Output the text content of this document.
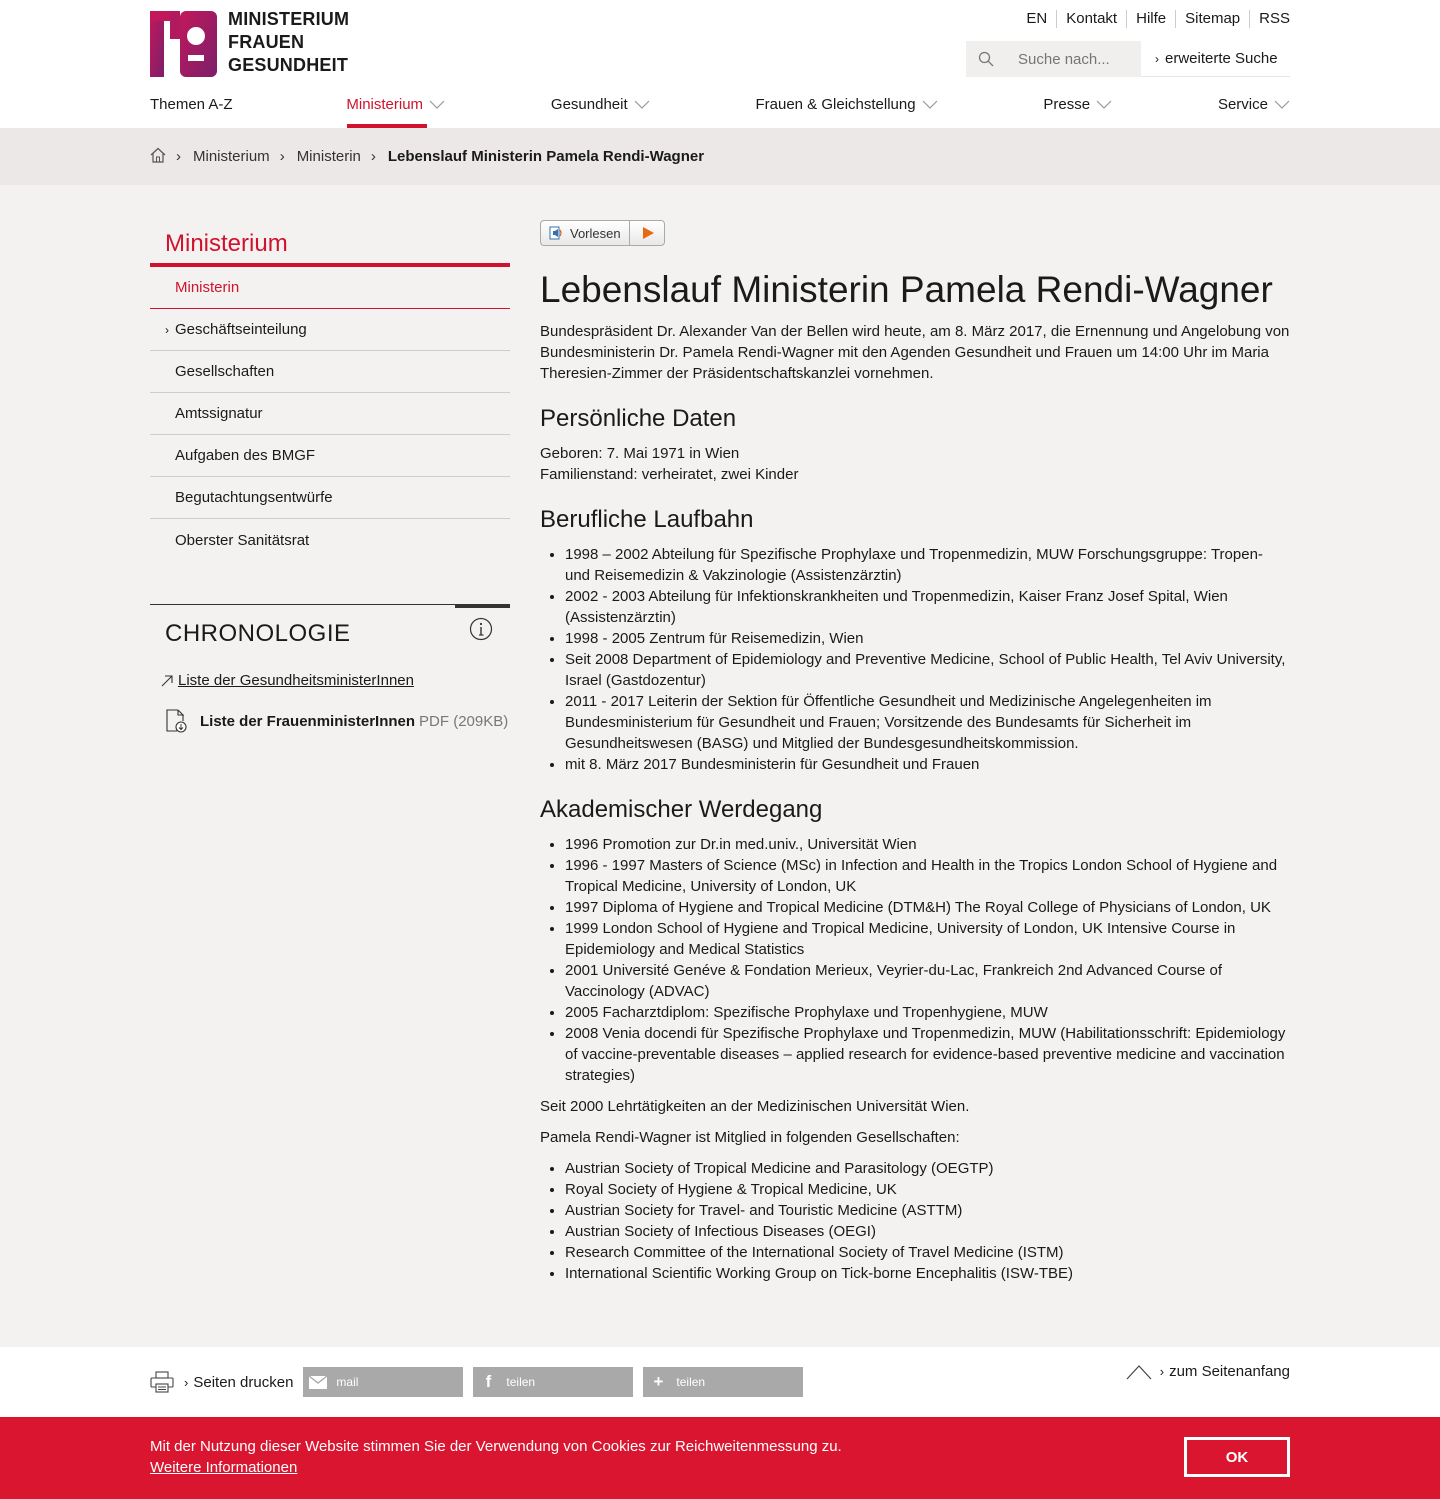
fg
MINISTERIUM
FRAUEN
GESUNDHEIT
EN	Kontakt	Hilfe	Sitemap	RSS
Suche nach...
› erweiterte Suche
Themen A-Z	Ministerium	Gesundheit	Frauen & Gleichstellung	Presse	Service
› Ministerium › Ministerin › Lebenslauf Ministerin Pamela Rendi-Wagner
Ministerium
Ministerin
› Geschäftseinteilung
Gesellschaften
Amtssignatur
Aufgaben des BMGF
Begutachtungsentwürfe
Oberster Sanitätsrat
CHRONOLOGIE
Liste der GesundheitsministerInnen
Liste der FrauenministerInnen PDF (209KB)
Vorlesen
Lebenslauf Ministerin Pamela Rendi-Wagner

Bundespräsident Dr. Alexander Van der Bellen wird heute, am 8. März 2017, die Ernennung und Angelobung von Bundesministerin Dr. Pamela Rendi-Wagner mit den Agenden Gesundheit und Frauen um 14:00 Uhr im Maria Theresien-Zimmer der Präsidentschaftskanzlei vornehmen.

Persönliche Daten

Geboren: 7. Mai 1971 in Wien
Familienstand: verheiratet, zwei Kinder

Berufliche Laufbahn
• 1998 – 2002 Abteilung für Spezifische Prophylaxe und Tropenmedizin, MUW Forschungsgruppe: Tropen- und Reisemedizin & Vakzinologie (Assistenzärztin)
• 2002 - 2003 Abteilung für Infektionskrankheiten und Tropenmedizin, Kaiser Franz Josef Spital, Wien (Assistenzärztin)
• 1998 - 2005 Zentrum für Reisemedizin, Wien
• Seit 2008 Department of Epidemiology and Preventive Medicine, School of Public Health, Tel Aviv University, Israel (Gastdozentur)
• 2011 - 2017 Leiterin der Sektion für Öffentliche Gesundheit und Medizinische Angelegenheiten im Bundesministerium für Gesundheit und Frauen; Vorsitzende des Bundesamts für Sicherheit im Gesundheitswesen (BASG) und Mitglied der Bundesgesundheitskommission.
• mit 8. März 2017 Bundesministerin für Gesundheit und Frauen
Akademischer Werdegang
• 1996 Promotion zur Dr.in med.univ., Universität Wien
• 1996 - 1997 Masters of Science (MSc) in Infection and Health in the Tropics London School of Hygiene and Tropical Medicine, University of London, UK
• 1997 Diploma of Hygiene and Tropical Medicine (DTM&H) The Royal College of Physicians of London, UK
• 1999 London School of Hygiene and Tropical Medicine, University of London, UK Intensive Course in Epidemiology and Medical Statistics
• 2001 Université Genéve & Fondation Merieux, Veyrier-du-Lac, Frankreich 2nd Advanced Course of Vaccinology (ADVAC)
• 2005 Facharztdiplom: Spezifische Prophylaxe und Tropenhygiene, MUW
• 2008 Venia docendi für Spezifische Prophylaxe und Tropenmedizin, MUW (Habilitationsschrift: Epidemiology of vaccine-preventable diseases – applied research for evidence-based preventive medicine and vaccination strategies)

Seit 2000 Lehrtätigkeiten an der Medizinischen Universität Wien.

Pamela Rendi-Wagner ist Mitglied in folgenden Gesellschaften:

• Austrian Society of Tropical Medicine and Parasitology (OEGTP)
• Royal Society of Hygiene & Tropical Medicine, UK
• Austrian Society for Travel- and Touristic Medicine (ASTTM)
• Austrian Society of Infectious Diseases (OEGI)
• Research Committee of the International Society of Travel Medicine (ISTM)
• International Scientific Working Group on Tick-borne Encephalitis (ISW-TBE)
› Seiten drucken	mail	f	teilen	+	teilen
› zum Seitenanfang
Mit der Nutzung dieser Website stimmen Sie der Verwendung von Cookies zur Reichweitenmessung zu.
Weitere Informationen
OK
